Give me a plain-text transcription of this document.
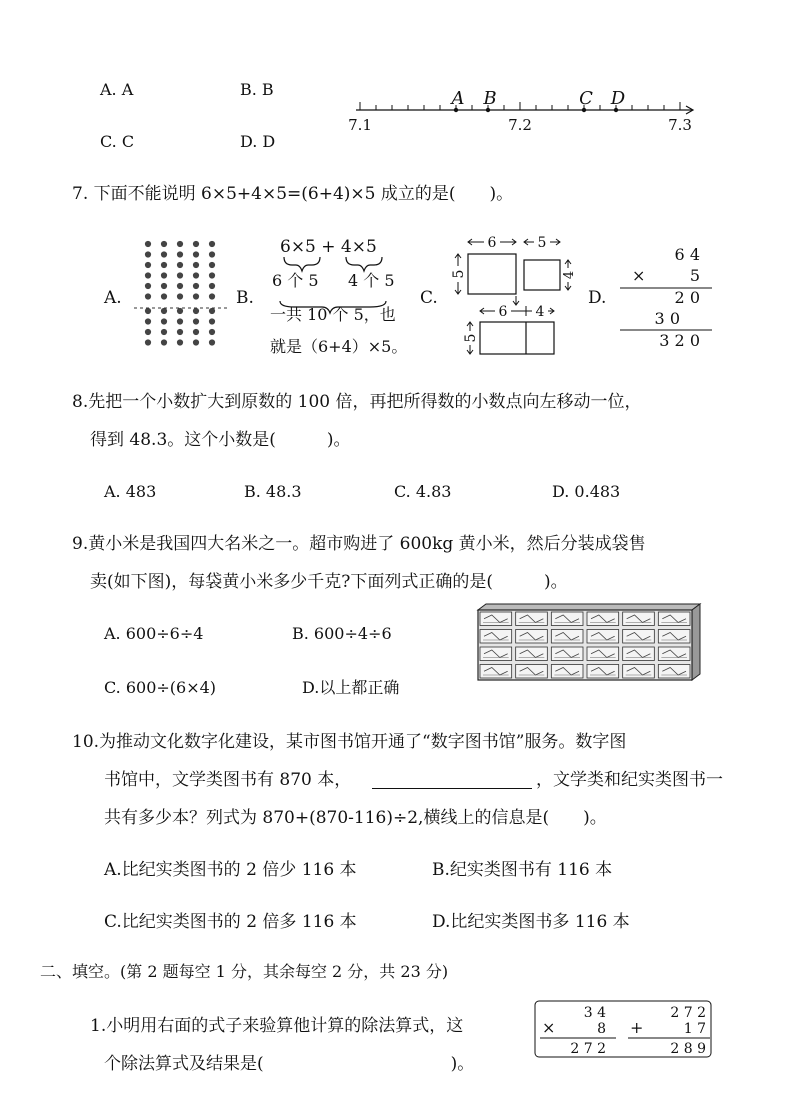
A. A	B. B
C. C	D. D
7.1	7.2	7.3
A B	C D
7. 下面不能说明 6×5+4×5=(6+4)×5 成立的是(　　)。
A.	B.
6×5 + 4×5
6 个 5 4 个 5
一共 10 个 5，也
就是（6+4）×5。
C.
6
5
5
4
6 4
5
D.
6 4
×	5
2 0
3 0
3 2 0
8.先把一个小数扩大到原数的 100 倍，再把所得数的小数点向左移动一位，
得到 48.3。这个小数是(　　　)。
A. 483	B. 48.3	C. 4.83	D. 0.483
9.黄小米是我国四大名米之一。超市购进了 600kg 黄小米，然后分装成袋售
卖(如下图)，每袋黄小米多少千克?下面列式正确的是(　　　)。
A. 600÷6÷4	B. 600÷4÷6
C. 600÷(6×4)	D.以上都正确
10.为推动文化数字化建设，某市图书馆开通了“数字图书馆”服务。数字图
书馆中，文学类图书有 870 本，	，文学类和纪实类图书一
共有多少本？列式为 870+(870-116)÷2,横线上的信息是(　　)。
A.比纪实类图书的 2 倍少 116 本	B.纪实类图书有 116 本
C.比纪实类图书的 2 倍多 116 本	D.比纪实类图书多 116 本
二、填空。(第 2 题每空 1 分，其余每空 2 分，共 23 分)
1.小明用右面的式子来验算他计算的除法算式，这
个除法算式及结果是(　　　　　　　　　　　)。
3 4
×	8
2 7 2
2 7 2
+	1 7
2 8 9
